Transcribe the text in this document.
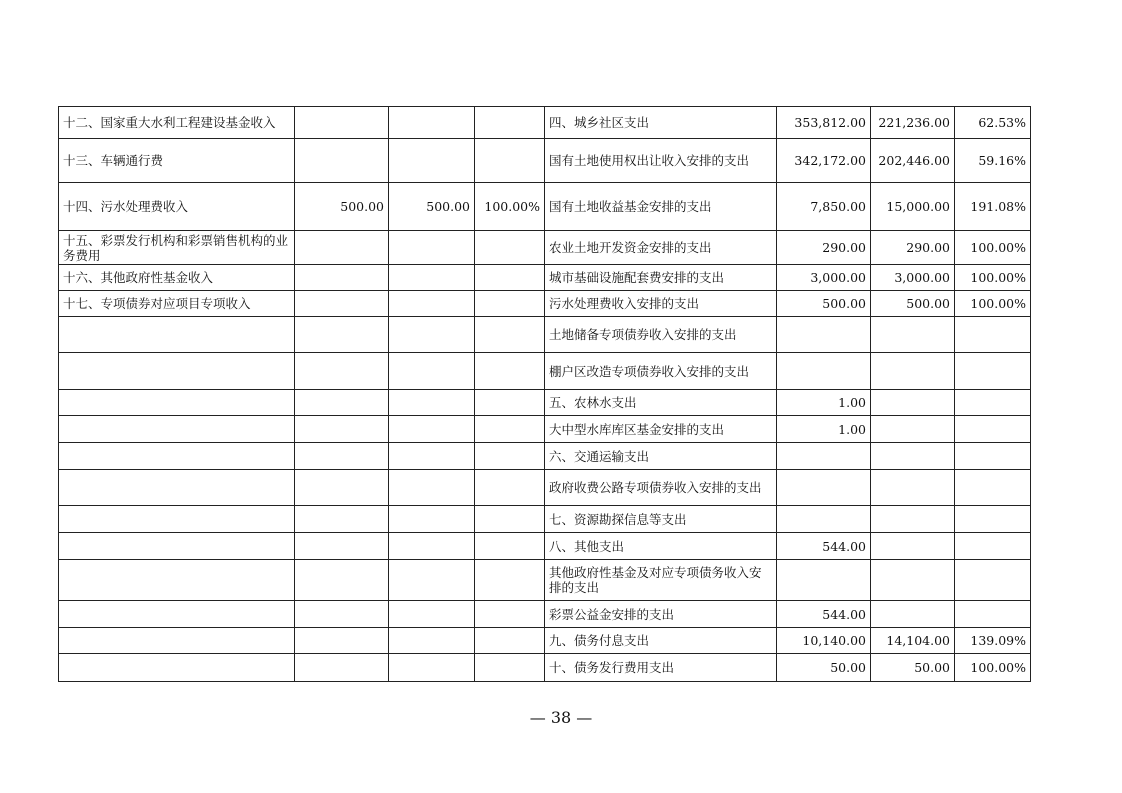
十二、国家重大水利工程建设基金收入				四、城乡社区支出	353,812.00	221,236.00	62.53%
十三、车辆通行费				国有土地使用权出让收入安排的支出	342,172.00	202,446.00	59.16%
十四、污水处理费收入	500.00	500.00	100.00%	国有土地收益基金安排的支出	7,850.00	15,000.00	191.08%
十五、彩票发行机构和彩票销售机构的业务费用				农业土地开发资金安排的支出	290.00	290.00	100.00%
十六、其他政府性基金收入				城市基础设施配套费安排的支出	3,000.00	3,000.00	100.00%
十七、专项债券对应项目专项收入				污水处理费收入安排的支出	500.00	500.00	100.00%
				土地储备专项债券收入安排的支出			
				棚户区改造专项债券收入安排的支出			
				五、农林水支出	1.00		
				大中型水库库区基金安排的支出	1.00		
				六、交通运输支出			
				政府收费公路专项债券收入安排的支出			
				七、资源勘探信息等支出			
				八、其他支出	544.00		
				其他政府性基金及对应专项债务收入安排的支出			
				彩票公益金安排的支出	544.00		
				九、债务付息支出	10,140.00	14,104.00	139.09%
				十、债务发行费用支出	50.00	50.00	100.00%
— 38 —
